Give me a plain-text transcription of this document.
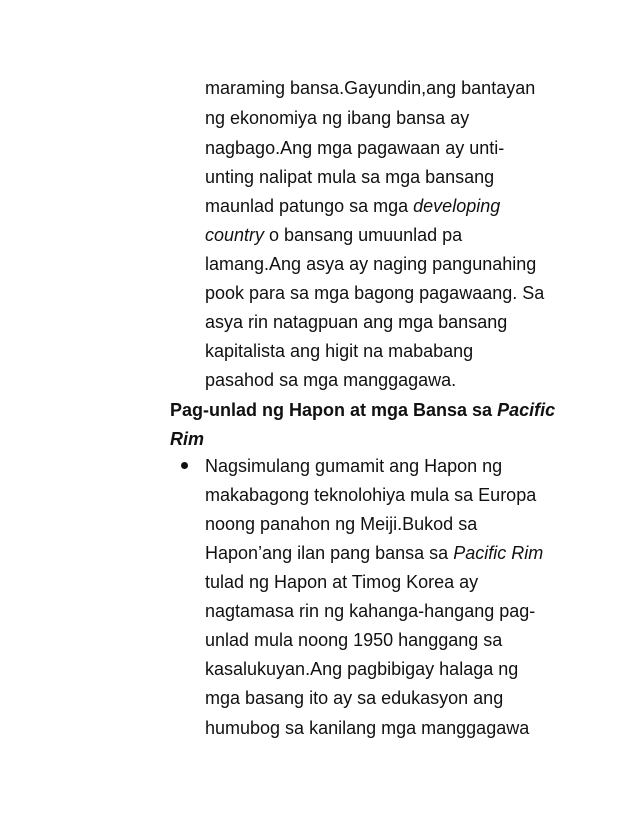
maraming bansa.Gayundin,ang bantayan
ng ekonomiya ng ibang bansa ay
nagbago.Ang mga pagawaan ay unti-
unting nalipat mula sa mga bansang
maunlad patungo sa mga developing
country o bansang umuunlad pa
lamang.Ang asya ay naging pangunahing
pook para sa mga bagong pagawaang. Sa
asya rin natagpuan ang mga bansang
kapitalista ang higit na mababang
pasahod sa mga manggagawa.
Pag-unlad ng Hapon at mga Bansa sa Pacific
Rim
Nagsimulang gumamit ang Hapon ng
makabagong teknolohiya mula sa Europa
noong panahon ng Meiji.Bukod sa
Hapon’ang ilan pang bansa sa Pacific Rim
tulad ng Hapon at Timog Korea ay
nagtamasa rin ng kahanga-hangang pag-
unlad mula noong 1950 hanggang sa
kasalukuyan.Ang pagbibigay halaga ng
mga basang ito ay sa edukasyon ang
humubog sa kanilang mga manggagawa
